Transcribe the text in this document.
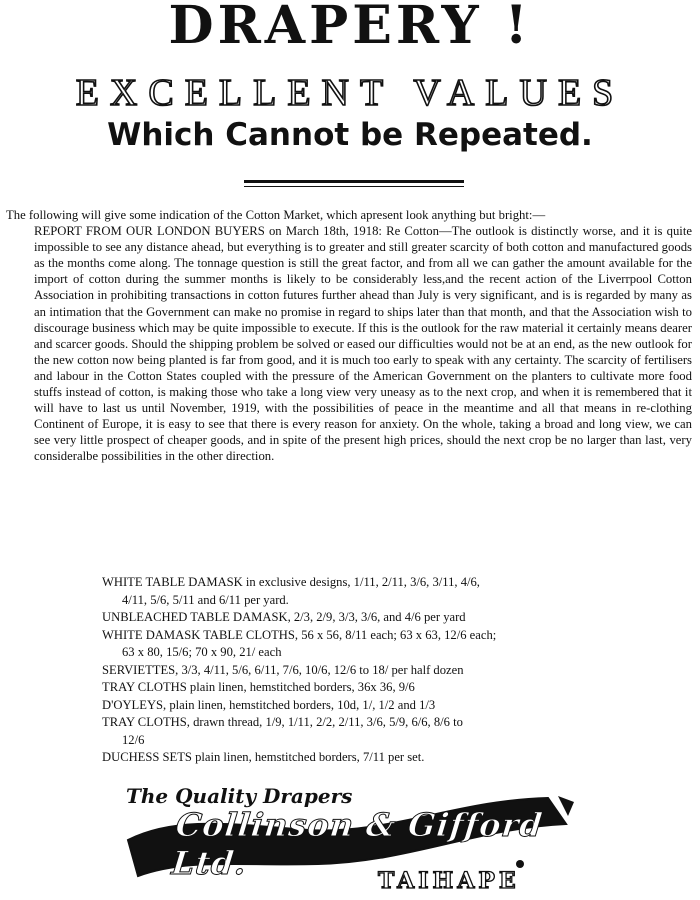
DRAPERY !
EXCELLENT VALUES
Which Cannot be Repeated.

The following will give some indication of the Cotton Market, which apresent look anything but bright:—

REPORT FROM OUR LONDON BUYERS on March 18th, 1918: Re Cotton—The outlook is distinctly worse, and it is quite impossible to see any distance ahead, but everything is to greater and still greater scarcity of both cotton and manufactured goods as the months come along. The tonnage question is still the great factor, and from all we can gather the amount available for the import of cotton during the summer months is likely to be considerably less,and the recent action of the Liverrpool Cotton Association in prohibiting transactions in cotton futures further ahead than July is very significant, and is is regarded by many as an intimation that the Government can make no promise in regard to ships later than that month, and that the Association wish to discourage business which may be quite impossible to execute. If this is the outlook for the raw material it certainly means dearer and scarcer goods. Should the shipping problem be solved or eased our difficulties would not be at an end, as the new outlook for the new cotton now being planted is far from good, and it is much too early to speak with any certainty. The scarcity of fertilisers and labour in the Cotton States coupled with the pressure of the American Government on the planters to cultivate more food stuffs instead of cotton, is making those who take a long view very uneasy as to the next crop, and when it is remembered that it will have to last us until November, 1919, with the possibilities of peace in the meantime and all that means in re-clothing Continent of Europe, it is easy to see that there is every reason for anxiety. On the whole, taking a broad and long view, we can see very little prospect of cheaper goods, and in spite of the present high prices, should the next crop be no larger than last, very consideralbe possibilities in the other direction.

WHITE TABLE DAMASK in exclusive designs, 1/11, 2/11, 3/6, 3/11, 4/6,
4/11, 5/6, 5/11 and 6/11 per yard.

UNBLEACHED TABLE DAMASK, 2/3, 2/9, 3/3, 3/6, and 4/6 per yard

WHITE DAMASK TABLE CLOTHS, 56 x 56, 8/11 each; 63 x 63, 12/6 each;
63 x 80, 15/6; 70 x 90, 21/ each

SERVIETTES, 3/3, 4/11, 5/6, 6/11, 7/6, 10/6, 12/6 to 18/ per half dozen

TRAY CLOTHS plain linen, hemstitched borders, 36x 36, 9/6

D'OYLEYS, plain linen, hemstitched borders, 10d, 1/, 1/2 and 1/3

TRAY CLOTHS, drawn thread, 1/9, 1/11, 2/2, 2/11, 3/6, 5/9, 6/6, 8/6 to
12/6

DUCHESS SETS plain linen, hemstitched borders, 7/11 per set.

The Quality Drapers
Collinson & Gifford Ltd.	TAIHAPE
